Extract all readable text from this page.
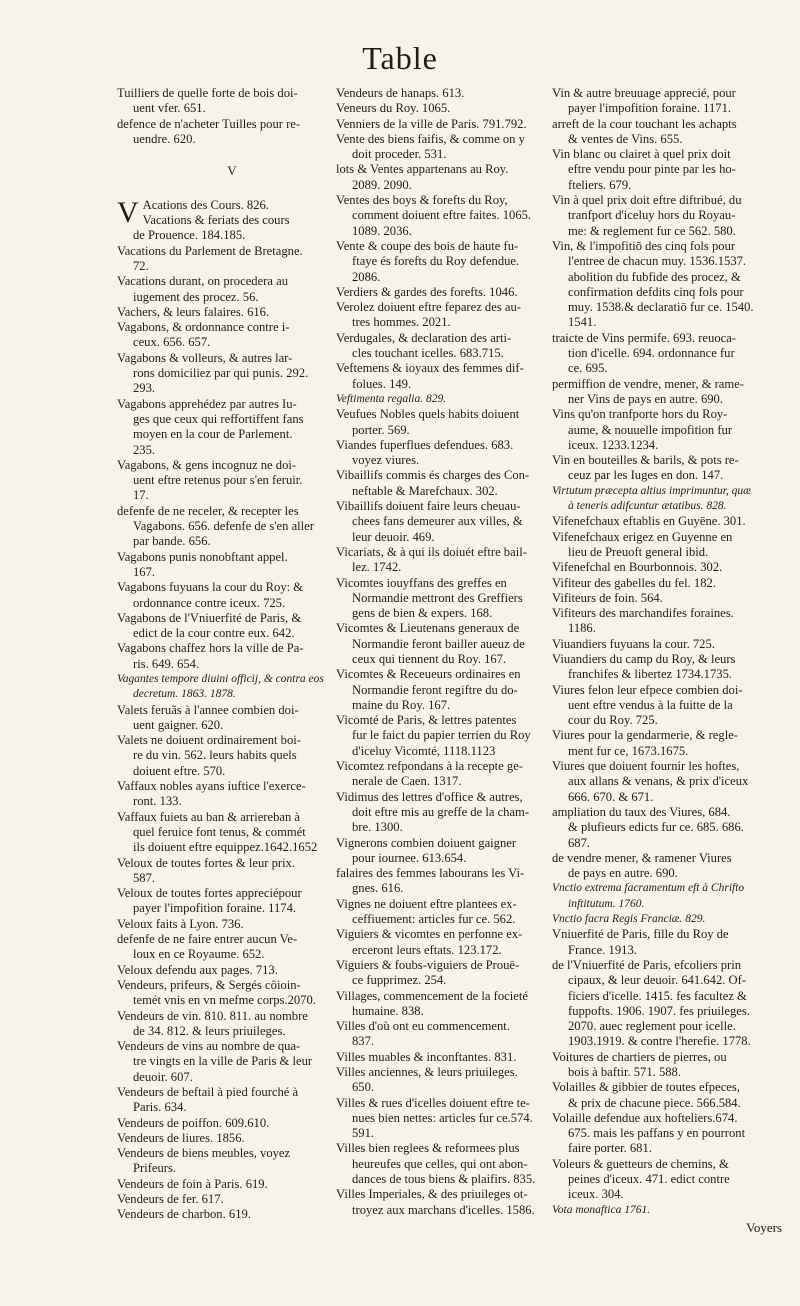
Table
Tuilliers de quelle forte de bois doi-
uent vfer. 651.
defence de n'acheter Tuilles pour re-
uendre. 620.
V

V Acations des Cours. 826.
Vacations & feriats des cours
de Prouence. 184.185.

Vacations du Parlement de Bretagne.
72.
Vacations durant, on procedera au
iugement des procez. 56.
Vachers, & leurs falaires. 616.
Vagabons, & ordonnance contre i-
ceux. 656. 657.
Vagabons & volleurs, & autres lar-
rons domiciliez par qui punis. 292.
293.
Vagabons apprehédez par autres Iu-
ges que ceux qui reffortiffent fans
moyen en la cour de Parlement.
235.
Vagabons, & gens incognuz ne doi-
uent eftre retenus pour s'en feruir.
17.
defenfe de ne receler, & recepter les
Vagabons. 656. defenfe de s'en aller
par bande. 656.
Vagabons punis nonobftant appel.
167.
Vagabons fuyuans la cour du Roy: &
ordonnance contre iceux. 725.
Vagabons de l'Vniuerfité de Paris, &
edict de la cour contre eux. 642.
Vagabons chaffez hors la ville de Pa-
ris. 649. 654.
Vagantes tempore diuini officij, & contra eos
decretum. 1863. 1878.
Valets feruãs à l'annee combien doi-
uent gaigner. 620.
Valets ne doiuent ordinairement boi-
re du vin. 562. leurs habits quels
doiuent eftre. 570.
Vaffaux nobles ayans iuftice l'exerce-
ront. 133.
Vaffaux fuiets au ban & arriereban à
quel feruice font tenus, & commét
ils doiuent eftre equippez.1642.1652
Veloux de toutes fortes & leur prix.
587.
Veloux de toutes fortes appreciépour
payer l'impofition foraine. 1174.
Veloux faits à Lyon. 736.
defenfe de ne faire entrer aucun Ve-
loux en ce Royaume. 652.
Veloux defendu aux pages. 713.
Vendeurs, prifeurs, & Sergés côioin-
temét vnis en vn mefme corps.2070.
Vendeurs de vin. 810. 811. au nombre
de 34. 812. & leurs priuileges.
Vendeurs de vins au nombre de qua-
tre vingts en la ville de Paris & leur
deuoir. 607.
Vendeurs de beftail à pied fourché à
Paris. 634.
Vendeurs de poiffon. 609.610.
Vendeurs de liures. 1856.
Vendeurs de biens meubles, voyez
Prifeurs.
Vendeurs de foin à Paris. 619.
Vendeurs de fer. 617.
Vendeurs de charbon. 619.
Vendeurs de hanaps. 613.
Veneurs du Roy. 1065.
Venniers de la ville de Paris. 791.792.
Vente des biens faifis, & comme on y
doit proceder. 531.
lots & Ventes appartenans au Roy.
2089. 2090.
Ventes des boys & forefts du Roy,
comment doiuent eftre faites. 1065.
1089. 2036.
Vente & coupe des bois de haute fu-
ftaye és forefts du Roy defendue.
2086.
Verdiers & gardes des forefts. 1046.
Verolez doiuent eftre feparez des au-
tres hommes. 2021.
Verdugales, & declaration des arti-
cles touchant icelles. 683.715.
Veftemens & ioyaux des femmes dif-
folues. 149.
Veftimenta regalia. 829.
Veufues Nobles quels habits doiuent
porter. 569.
Viandes fuperflues defendues. 683.
voyez viures.
Vibaillifs commis és charges des Con-
neftable & Marefchaux. 302.
Vibaillifs doiuent faire leurs cheuau-
chees fans demeurer aux villes, &
leur deuoir. 469.
Vicariats, & à qui ils doiuét eftre bail-
lez. 1742.
Vicomtes iouyffans des greffes en
Normandie mettront des Greffiers
gens de bien & expers. 168.
Vicomtes & Lieutenans generaux de
Normandie feront bailler aueuz de
ceux qui tiennent du Roy. 167.
Vicomtes & Receueurs ordinaires en
Normandie feront regiftre du do-
maine du Roy. 167.
Vicomté de Paris, & lettres patentes
fur le faict du papier terrien du Roy
d'iceluy Vicomté, 1118.1123
Vicomtez refpondans à la recepte ge-
nerale de Caen. 1317.
Vidimus des lettres d'office & autres,
doit eftre mis au greffe de la cham-
bre. 1300.
Vignerons combien doiuent gaigner
pour iournee. 613.654.
falaires des femmes labourans les Vi-
gnes. 616.
Vignes ne doiuent eftre plantees ex-
ceffiuement: articles fur ce. 562.
Viguiers & vicomtes en perfonne ex-
erceront leurs eftats. 123.172.
Viguiers & foubs-viguiers de Prouē-
ce fupprimez. 254.
Villages, commencement de la focieté
humaine. 838.
Villes d'où ont eu commencement.
837.
Villes muables & inconftantes. 831.
Villes anciennes, & leurs priuileges.
650.
Villes & rues d'icelles doiuent eftre te-
nues bien nettes: articles fur ce.574.
591.
Villes bien reglees & reformees plus
heureufes que celles, qui ont abon-
dances de tous biens & plaifirs. 835.
Villes Imperiales, & des priuileges ot-
troyez aux marchans d'icelles. 1586.
Vin & autre breuuage apprecié, pour
payer l'impofition foraine. 1171.
arreft de la cour touchant les achapts
& ventes de Vins. 655.
Vin blanc ou clairet à quel prix doit
eftre vendu pour pinte par les ho-
fteliers. 679.
Vin à quel prix doit eftre diftribué, du
tranfport d'iceluy hors du Royau-
me: & reglement fur ce 562. 580.
Vin, & l'impofitiō des cinq fols pour
l'entree de chacun muy. 1536.1537.
abolition du fubfide des procez, &
confirmation defdits cinq fols pour
muy. 1538.& declaratiō fur ce. 1540.
1541.
traicte de Vins permife. 693. reuoca-
tion d'icelle. 694. ordonnance fur
ce. 695.
permiffion de vendre, mener, & rame-
ner Vins de pays en autre. 690.
Vins qu'on tranfporte hors du Roy-
aume, & nouuelle impofition fur
iceux. 1233.1234.
Vin en bouteilles & barils, & pots re-
ceuz par les Iuges en don. 147.
Virtutum præcepta altius imprimuntur, quæ
à teneris adifcuntur ætatibus. 828.
Vifenefchaux eftablis en Guyēne. 301.
Vifenefchaux erigez en Guyenne en
lieu de Preuoft general ibid.
Vifenefchal en Bourbonnois. 302.
Vifiteur des gabelles du fel. 182.
Vifiteurs de foin. 564.
Vifiteurs des marchandifes foraines.
1186.
Viuandiers fuyuans la cour. 725.
Viuandiers du camp du Roy, & leurs
franchifes & libertez 1734.1735.
Viures felon leur efpece combien doi-
uent eftre vendus à la fuitte de la
cour du Roy. 725.
Viures pour la gendarmerie, & regle-
ment fur ce, 1673.1675.
Viures que doiuent fournir les hoftes,
aux allans & venans, & prix d'iceux
666. 670. & 671.
ampliation du taux des Viures, 684.
& plufieurs edicts fur ce. 685. 686.
687.
de vendre mener, & ramener Viures
de pays en autre. 690.
Vnctio extrema facramentum eft à Chrifto
inftitutum. 1760.
Vnctio facra Regis Franciæ. 829.
Vniuerfité de Paris, fille du Roy de
France. 1913.
de l'Vniuerfité de Paris, efcoliers prin
cipaux, & leur deuoir. 641.642. Of-
ficiers d'icelle. 1415. fes facultez &
fuppofts. 1906. 1907. fes priuileges.
2070. auec reglement pour icelle.
1903.1919. & contre l'herefie. 1778.
Voitures de chartiers de pierres, ou
bois à baftir. 571. 588.
Volailles & gibbier de toutes efpeces,
& prix de chacune piece. 566.584.
Volaille defendue aux hofteliers.674.
675. mais les paffans y en pourront
faire porter. 681.
Voleurs & guetteurs de chemins, &
peines d'iceux. 471. edict contre
iceux. 304.
Vota monaftica 1761.
Voyers
